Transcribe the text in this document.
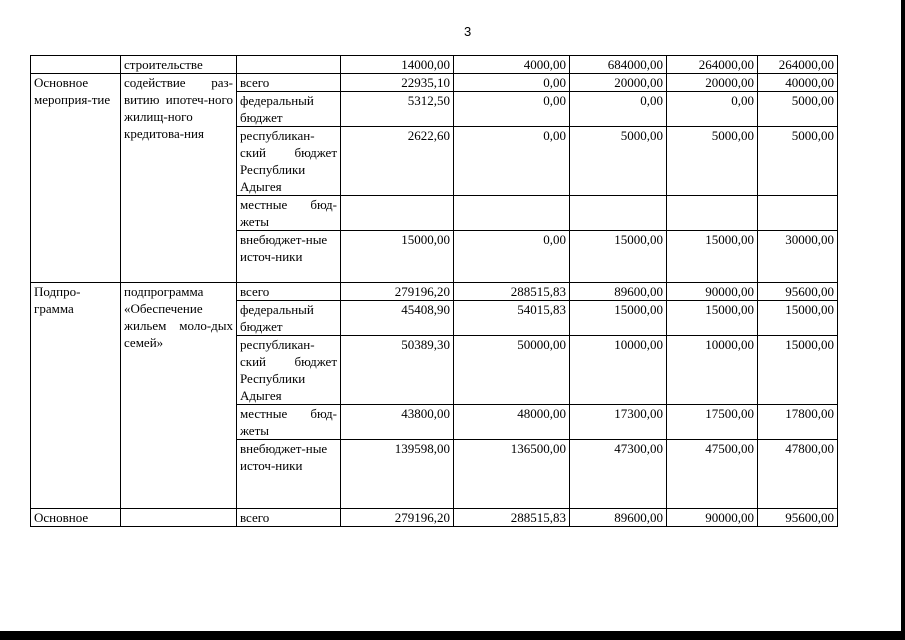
3
	строительстве		14000,00	4000,00	684000,00	264000,00	264000,00
Основное мероприя-тие	содействие раз-витию ипотеч-ного жилищ-ного кредитова-ния	всего	22935,10	0,00	20000,00	20000,00	40000,00
		федеральный бюджет	5312,50	0,00	0,00	0,00	5000,00
		республикан-ский бюджет Республики Адыгея	2622,60	0,00	5000,00	5000,00	5000,00
		местные бюд-жеты					
		внебюджет-ные источ-ники	15000,00	0,00	15000,00	15000,00	30000,00
Подпро-грамма	подпрограмма «Обеспечение жильем моло-дых семей»	всего	279196,20	288515,83	89600,00	90000,00	95600,00
		федеральный бюджет	45408,90	54015,83	15000,00	15000,00	15000,00
		республикан-ский бюджет Республики Адыгея	50389,30	50000,00	10000,00	10000,00	15000,00
		местные бюд-жеты	43800,00	48000,00	17300,00	17500,00	17800,00
		внебюджет-ные источ-ники	139598,00	136500,00	47300,00	47500,00	47800,00
Основное		всего	279196,20	288515,83	89600,00	90000,00	95600,00
